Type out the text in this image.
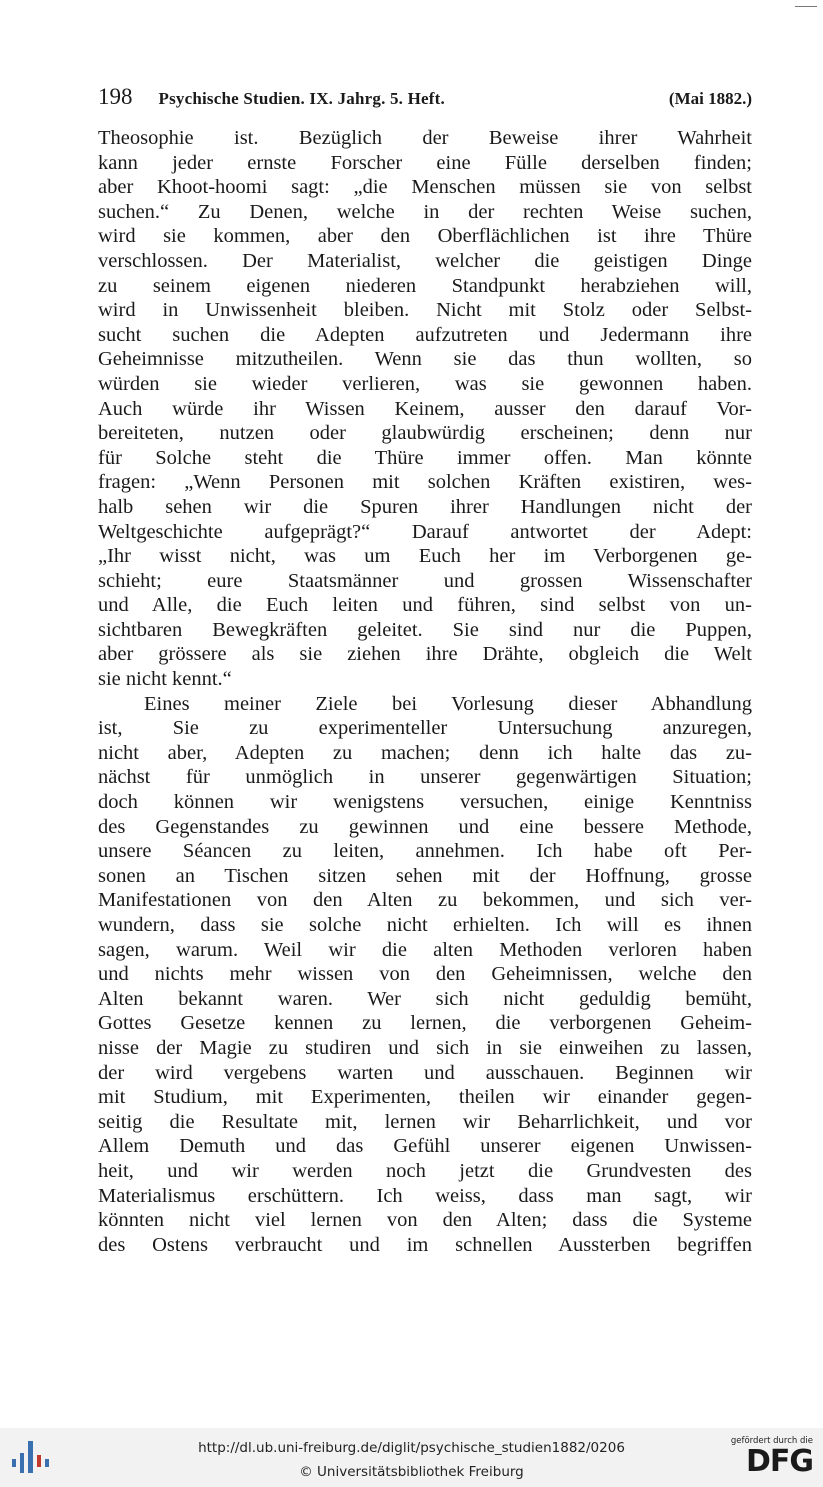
198 Psychische Studien. IX. Jahrg. 5. Heft.	(Mai 1882.)
Theosophie ist. Bezüglich der Beweise ihrer Wahrheit
kann jeder ernste Forscher eine Fülle derselben finden;
aber Khoot-hoomi sagt: „die Menschen müssen sie von selbst
suchen.“ Zu Denen, welche in der rechten Weise suchen,
wird sie kommen, aber den Oberflächlichen ist ihre Thüre
verschlossen. Der Materialist, welcher die geistigen Dinge
zu seinem eigenen niederen Standpunkt herabziehen will,
wird in Unwissenheit bleiben. Nicht mit Stolz oder Selbst-
sucht suchen die Adepten aufzutreten und Jedermann ihre
Geheimnisse mitzutheilen. Wenn sie das thun wollten, so
würden sie wieder verlieren, was sie gewonnen haben.
Auch würde ihr Wissen Keinem, ausser den darauf Vor-
bereiteten, nutzen oder glaubwürdig erscheinen; denn nur
für Solche steht die Thüre immer offen. Man könnte
fragen: „Wenn Personen mit solchen Kräften existiren, wes-
halb sehen wir die Spuren ihrer Handlungen nicht der
Weltgeschichte aufgeprägt?“ Darauf antwortet der Adept:
„Ihr wisst nicht, was um Euch her im Verborgenen ge-
schieht; eure Staatsmänner und grossen Wissenschafter
und Alle, die Euch leiten und führen, sind selbst von un-
sichtbaren Bewegkräften geleitet. Sie sind nur die Puppen,
aber grössere als sie ziehen ihre Drähte, obgleich die Welt
sie nicht kennt.“
Eines meiner Ziele bei Vorlesung dieser Abhandlung
ist, Sie zu experimenteller Untersuchung anzuregen,
nicht aber, Adepten zu machen; denn ich halte das zu-
nächst für unmöglich in unserer gegenwärtigen Situation;
doch können wir wenigstens versuchen, einige Kenntniss
des Gegenstandes zu gewinnen und eine bessere Methode,
unsere Séancen zu leiten, annehmen. Ich habe oft Per-
sonen an Tischen sitzen sehen mit der Hoffnung, grosse
Manifestationen von den Alten zu bekommen, und sich ver-
wundern, dass sie solche nicht erhielten. Ich will es ihnen
sagen, warum. Weil wir die alten Methoden verloren haben
und nichts mehr wissen von den Geheimnissen, welche den
Alten bekannt waren. Wer sich nicht geduldig bemüht,
Gottes Gesetze kennen zu lernen, die verborgenen Geheim-
nisse der Magie zu studiren und sich in sie einweihen zu lassen,
der wird vergebens warten und ausschauen. Beginnen wir
mit Studium, mit Experimenten, theilen wir einander gegen-
seitig die Resultate mit, lernen wir Beharrlichkeit, und vor
Allem Demuth und das Gefühl unserer eigenen Unwissen-
heit, und wir werden noch jetzt die Grundvesten des
Materialismus erschüttern. Ich weiss, dass man sagt, wir
könnten nicht viel lernen von den Alten; dass die Systeme
des Ostens verbraucht und im schnellen Aussterben begriffen
http://dl.ub.uni-freiburg.de/diglit/psychische_studien1882/0206
© Universitätsbibliothek Freiburg
gefördert durch die
DFG
